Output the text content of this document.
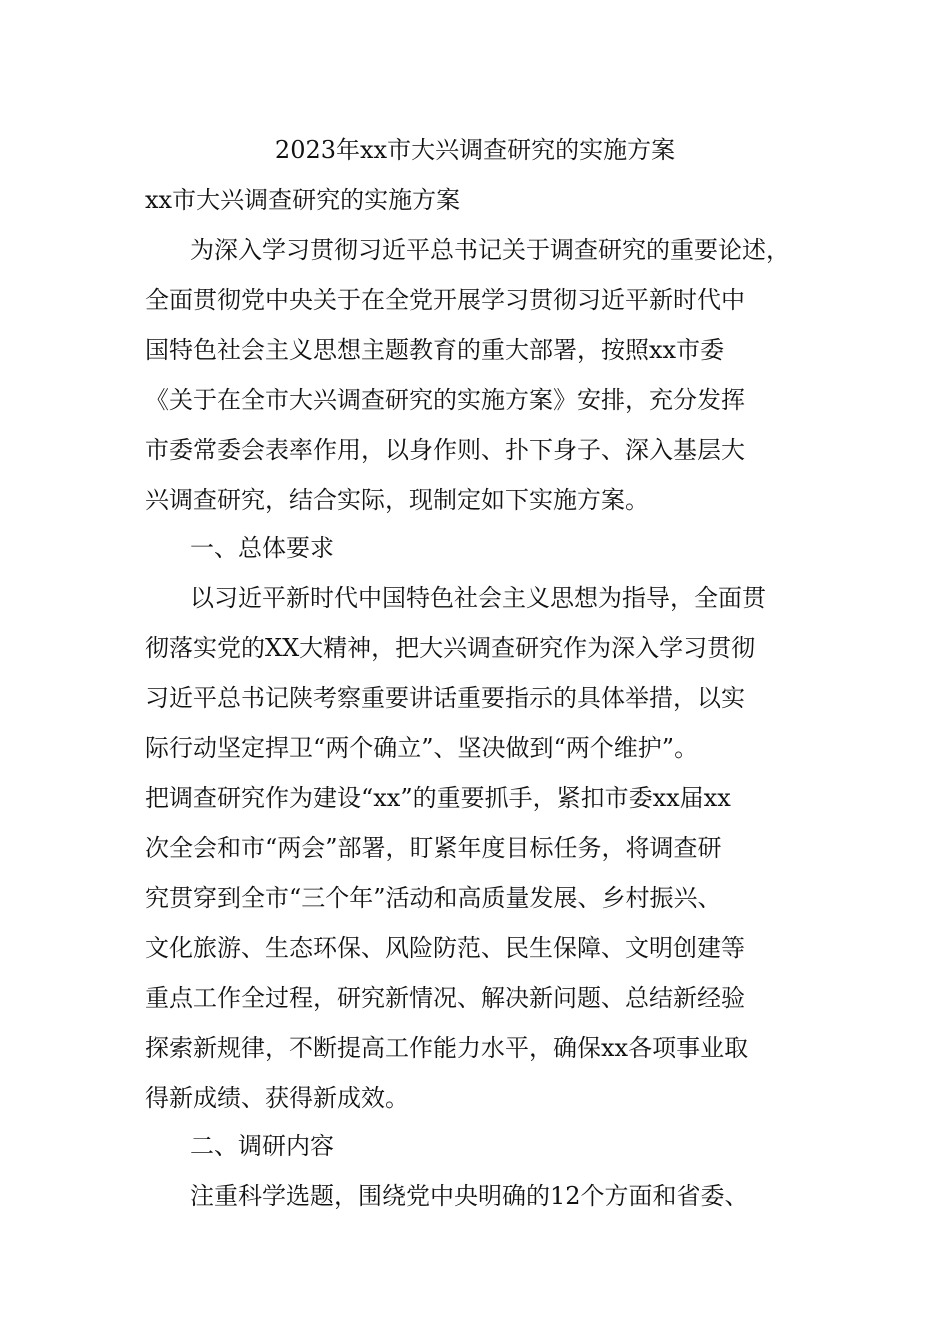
2023年xx市大兴调查研究的实施方案
xx市大兴调查研究的实施方案
为深入学习贯彻习近平总书记关于调查研究的重要论述，
全面贯彻党中央关于在全党开展学习贯彻习近平新时代中
国特色社会主义思想主题教育的重大部署，按照xx市委
《关于在全市大兴调查研究的实施方案》安排，充分发挥
市委常委会表率作用，以身作则、扑下身子、深入基层大
兴调查研究，结合实际，现制定如下实施方案。
一、总体要求
以习近平新时代中国特色社会主义思想为指导，全面贯
彻落实党的XX大精神，把大兴调查研究作为深入学习贯彻
习近平总书记陕考察重要讲话重要指示的具体举措，以实
际行动坚定捍卫“两个确立”、坚决做到“两个维护”。
把调查研究作为建设“xx”的重要抓手，紧扣市委xx届xx
次全会和市“两会”部署，盯紧年度目标任务，将调查研
究贯穿到全市“三个年”活动和高质量发展、乡村振兴、
文化旅游、生态环保、风险防范、民生保障、文明创建等
重点工作全过程，研究新情况、解决新问题、总结新经验
探索新规律，不断提高工作能力水平，确保xx各项事业取
得新成绩、获得新成效。
二、调研内容
注重科学选题，围绕党中央明确的12个方面和省委、
